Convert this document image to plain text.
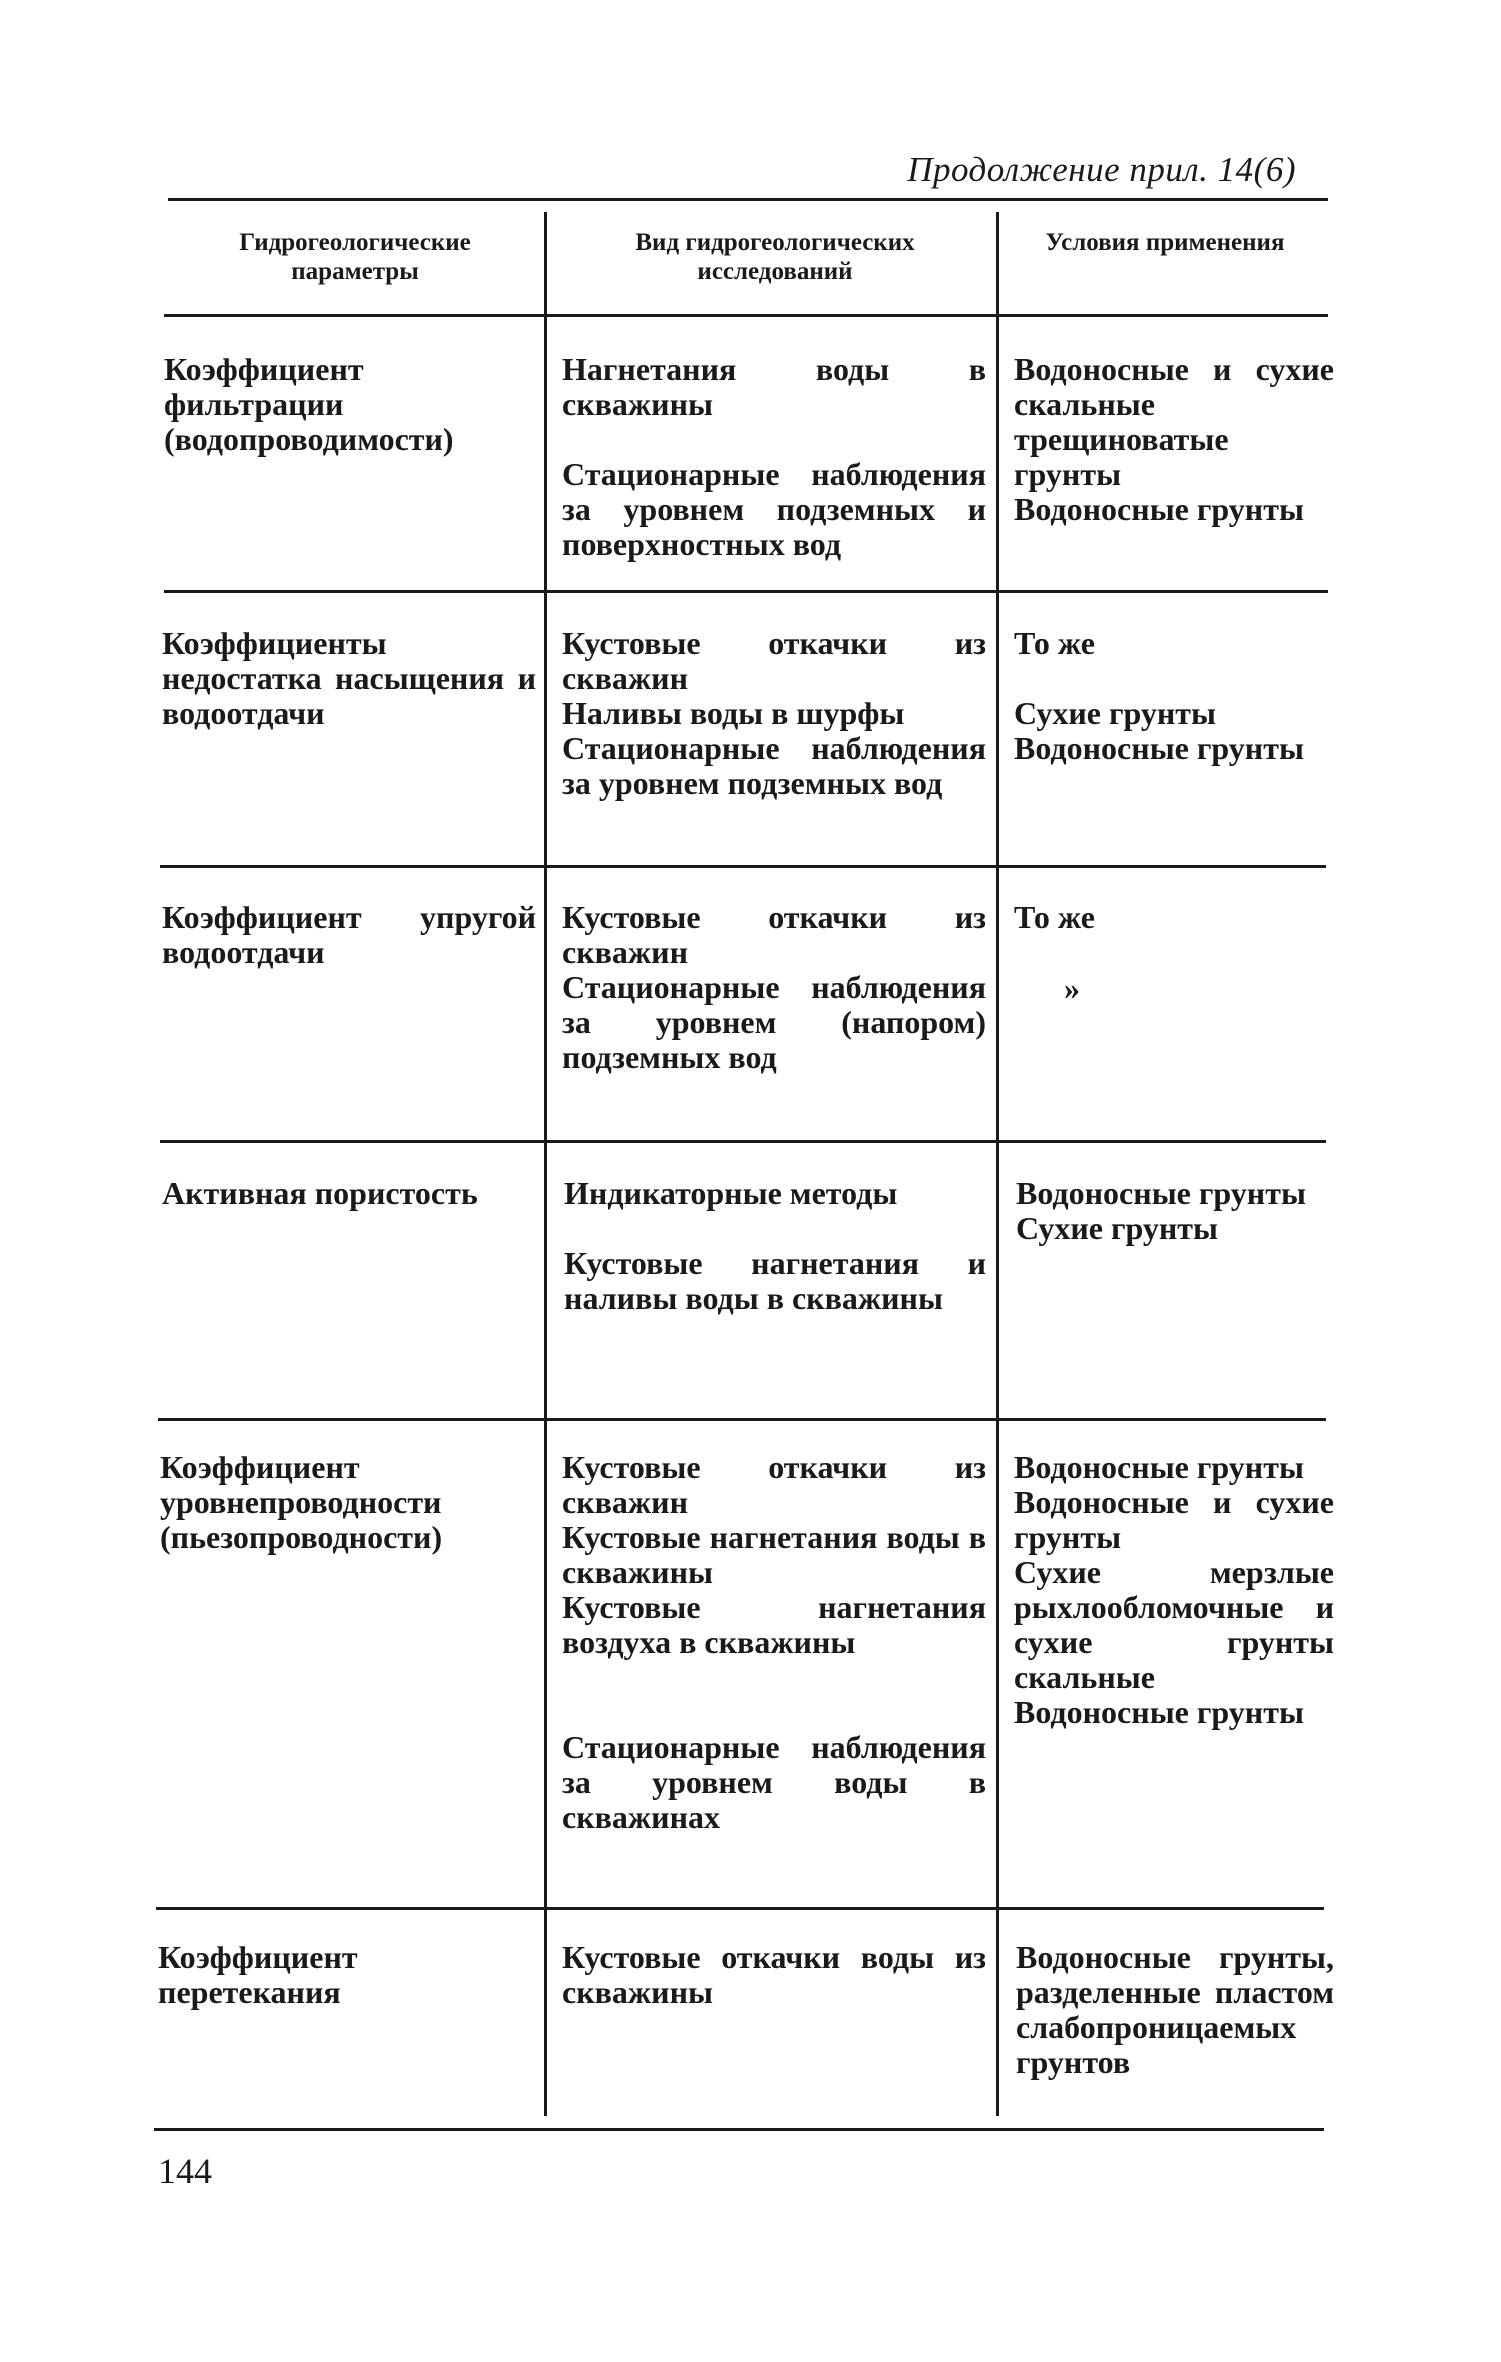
Продолжение прил. 14(6)
Гидрогеологические параметры
Вид гидрогеологических исследований
Условия применения
Коэффициент фильтрации (водопроводимости)
Нагнетания воды в скважины
Стационарные наблюдения за уровнем подземных и поверхностных вод
Водоносные и сухие скальные трещиноватые грунты
Водоносные грунты
Коэффициенты недостатка насыщения и водоотдачи
Кустовые откачки из скважин
Наливы воды в шурфы
Стационарные наблюдения за уровнем подземных вод
То же
Сухие грунты
Водоносные грунты
Коэффициент упругой водоотдачи
Кустовые откачки из скважин
Стационарные наблюдения за уровнем (напором) подземных вод
То же
»
Активная пористость	Индикаторные методы
Кустовые нагнетания и наливы воды в скважины
Водоносные грунты
Сухие грунты
Коэффициент уровнепроводности (пьезопроводности)
Кустовые откачки из скважин
Кустовые нагнетания воды в скважины
Кустовые нагнетания воздуха в скважины
Стационарные наблюдения за уровнем воды в скважинах
Водоносные грунты
Водоносные и сухие грунты
Сухие мерзлые рыхлообломочные и сухие грунты скальные
Водоносные грунты
Коэффициент перетекания
Кустовые откачки воды из скважины
Водоносные грунты, разделенные пластом слабопроницаемых грунтов
144
